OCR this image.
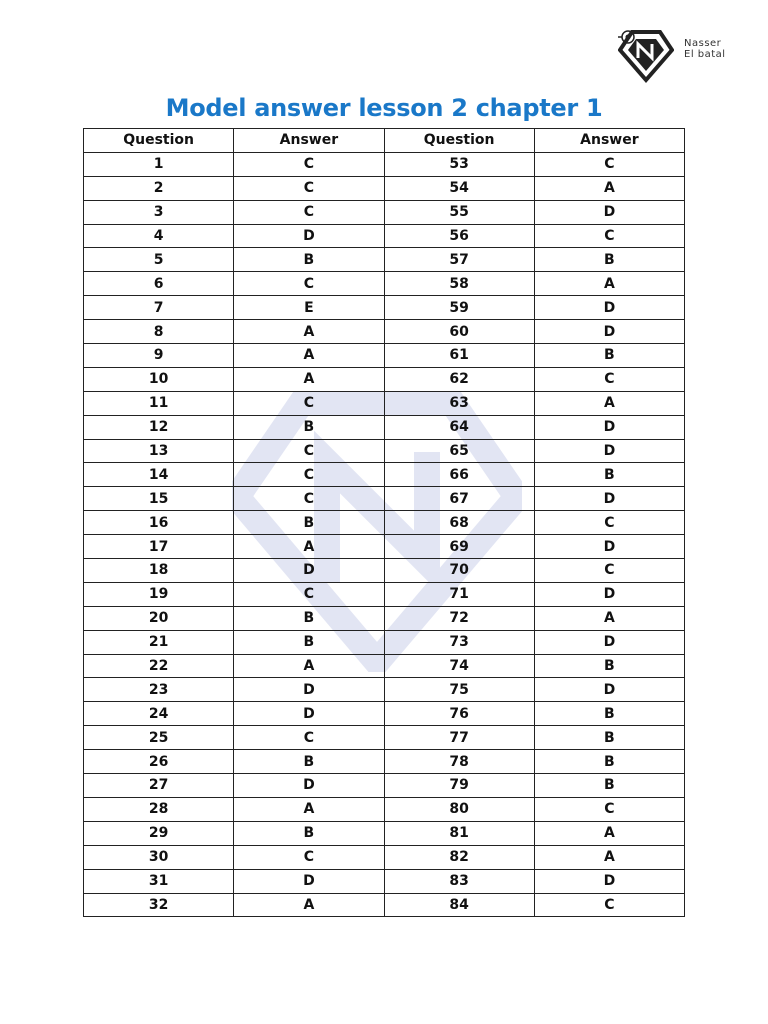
Nasser
El batal
Model answer lesson 2 chapter 1
Question	Answer	Question	Answer
1	C	53	C
2	C	54	A
3	C	55	D
4	D	56	C
5	B	57	B
6	C	58	A
7	E	59	D
8	A	60	D
9	A	61	B
10	A	62	C
11	C	63	A
12	B	64	D
13	C	65	D
14	C	66	B
15	C	67	D
16	B	68	C
17	A	69	D
18	D	70	C
19	C	71	D
20	B	72	A
21	B	73	D
22	A	74	B
23	D	75	D
24	D	76	B
25	C	77	B
26	B	78	B
27	D	79	B
28	A	80	C
29	B	81	A
30	C	82	A
31	D	83	D
32	A	84	C
